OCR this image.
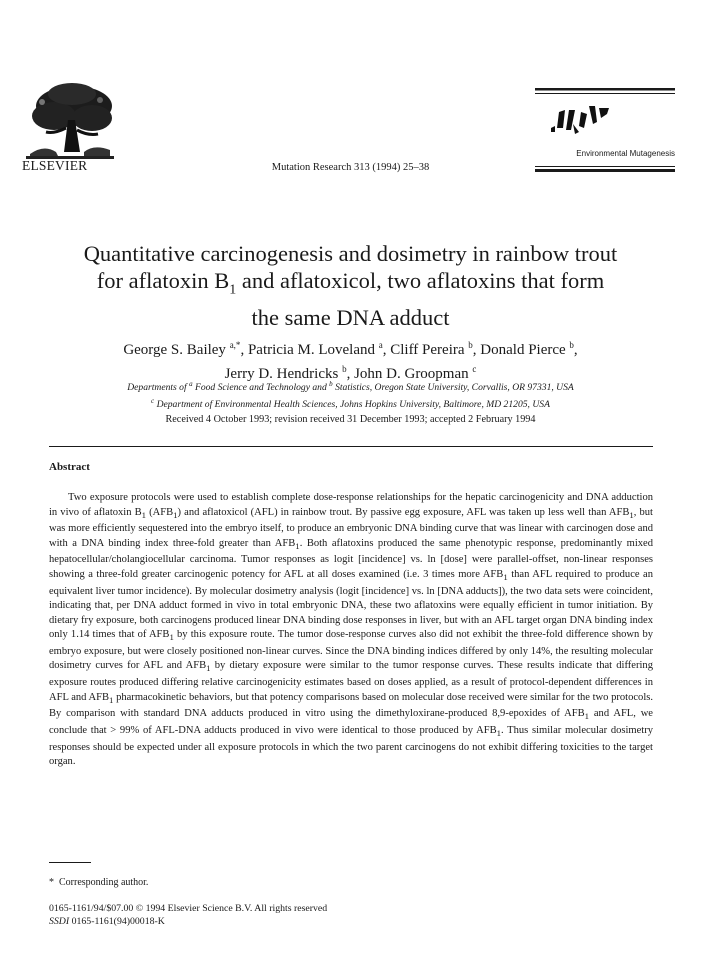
ELSEVIER	Mutation Research 313 (1994) 25–38
Environmental Mutagenesis
Quantitative carcinogenesis and dosimetry in rainbow trout
for aflatoxin $B_1$ and aflatoxicol, two aflatoxins that form
the same DNA adduct
George S. Bailey $^{a,*}$, Patricia M. Loveland $^a$, Cliff Pereira $^b$, Donald Pierce $^b$,
Jerry D. Hendricks $^b$, John D. Groopman $^c$
Departments of $^a$ Food Science and Technology and $^b$ Statistics, Oregon State University, Corvallis, OR 97331, USA
$^c$ Department of Environmental Health Sciences, Johns Hopkins University, Baltimore, MD 21205, USA
Received 4 October 1993; revision received 31 December 1993; accepted 2 February 1994
Abstract

Two exposure protocols were used to establish complete dose-response relationships for the hepatic carcinogenicity and DNA adduction in vivo of aflatoxin $B_1$ $(AFB_1)$ and aflatoxicol (AFL) in rainbow trout. By passive egg exposure, AFL was taken up less well than $AFB_1$, but was more efficiently sequestered into the embryo itself, to produce an embryonic DNA binding curve that was linear with carcinogen dose and with a DNA binding index three-fold greater than $AFB_1$. Both aflatoxins produced the same phenotypic response, predominantly mixed hepatocellular/cholangiocellular carcinoma. Tumor responses as logit [incidence] vs. ln [dose] were parallel-offset, non-linear responses showing a three-fold greater carcinogenic potency for AFL at all doses examined (i.e. 3 times more $AFB_1$ than AFL required to produce an equivalent liver tumor incidence). By molecular dosimetry analysis (logit [incidence] vs. ln [DNA adducts]), the two data sets were coincident, indicating that, per DNA adduct formed in vivo in total embryonic DNA, these two aflatoxins were equally efficient in tumor initiation. By dietary fry exposure, both carcinogens produced linear DNA binding dose responses in liver, but with an AFL target organ DNA binding index only 1.14 times that of $AFB_1$ by this exposure route. The tumor dose-response curves also did not exhibit the three-fold difference shown by embryo exposure, but were closely positioned non-linear curves. Since the DNA binding indices differed by only 14%, the resulting molecular dosimetry curves for AFL and $AFB_1$ by dietary exposure were similar to the tumor response curves. These results indicate that differing exposure routes produced differing relative carcinogenicity estimates based on doses applied, as a result of protocol-dependent differences in AFL and $AFB_1$ pharmacokinetic behaviors, but that potency comparisons based on molecular dose received were similar for the two protocols. By comparison with standard DNA adducts produced in vitro using the dimethyloxirane-produced 8,9-epoxides of $AFB_1$ and AFL, we conclude that > 99% of AFL-DNA adducts produced in vivo were identical to those produced by $AFB_1$. Thus similar molecular dosimetry responses should be expected under all exposure protocols in which the two parent carcinogens do not exhibit differing toxicities to the target organ.

* Corresponding author.
0165-1161/94/$07.00 © 1994 Elsevier Science B.V. All rights reserved
SSDI 0165-1161(94)00018-K
